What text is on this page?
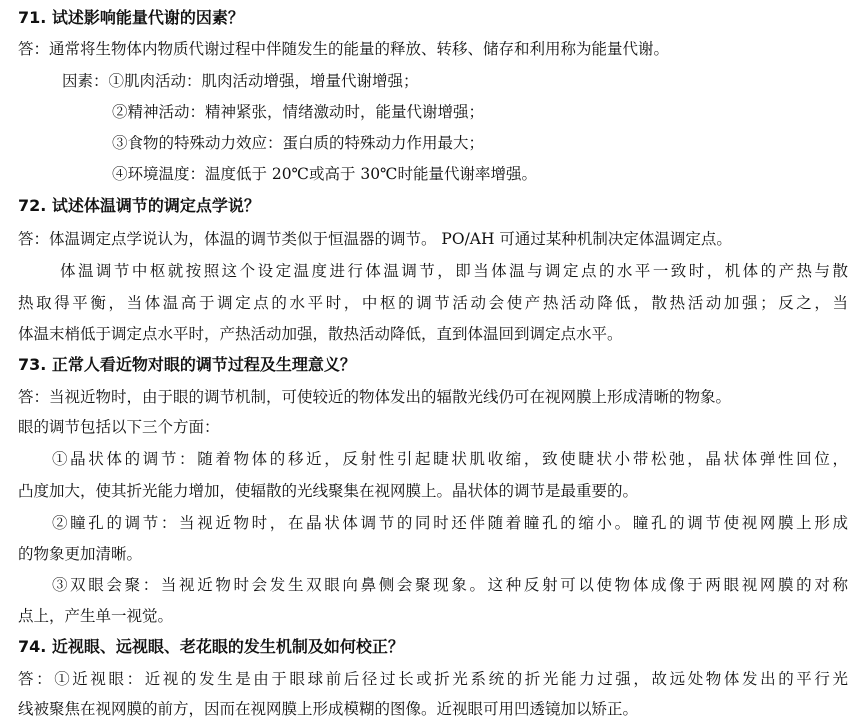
71. 试述影响能量代谢的因素？
答：通常将生物体内物质代谢过程中伴随发生的能量的释放、转移、储存和利用称为能量代谢。
因素：①肌肉活动：肌肉活动增强，增量代谢增强；
②精神活动：精神紧张，情绪激动时，能量代谢增强；
③食物的特殊动力效应：蛋白质的特殊动力作用最大；
④环境温度：温度低于 20℃或高于 30℃时能量代谢率增强。
72. 试述体温调节的调定点学说？
答：体温调定点学说认为，体温的调节类似于恒温器的调节。 PO/AH 可通过某种机制决定体温调定点。
体温调节中枢就按照这个设定温度进行体温调节，即当体温与调定点的水平一致时，机体的产热与散
热取得平衡，当体温高于调定点的水平时，中枢的调节活动会使产热活动降低，散热活动加强；反之，当
体温末梢低于调定点水平时，产热活动加强，散热活动降低，直到体温回到调定点水平。
73. 正常人看近物对眼的调节过程及生理意义？
答：当视近物时，由于眼的调节机制，可使较近的物体发出的辐散光线仍可在视网膜上形成清晰的物象。
眼的调节包括以下三个方面：
①晶状体的调节：随着物体的移近，反射性引起睫状肌收缩，致使睫状小带松弛，晶状体弹性回位，
凸度加大，使其折光能力增加，使辐散的光线聚集在视网膜上。晶状体的调节是最重要的。
②瞳孔的调节：当视近物时，在晶状体调节的同时还伴随着瞳孔的缩小。瞳孔的调节使视网膜上形成
的物象更加清晰。
③双眼会聚：当视近物时会发生双眼向鼻侧会聚现象。这种反射可以使物体成像于两眼视网膜的对称
点上，产生单一视觉。
74. 近视眼、远视眼、老花眼的发生机制及如何校正？
答：①近视眼：近视的发生是由于眼球前后径过长或折光系统的折光能力过强，故远处物体发出的平行光
线被聚焦在视网膜的前方，因而在视网膜上形成模糊的图像。近视眼可用凹透镜加以矫正。
